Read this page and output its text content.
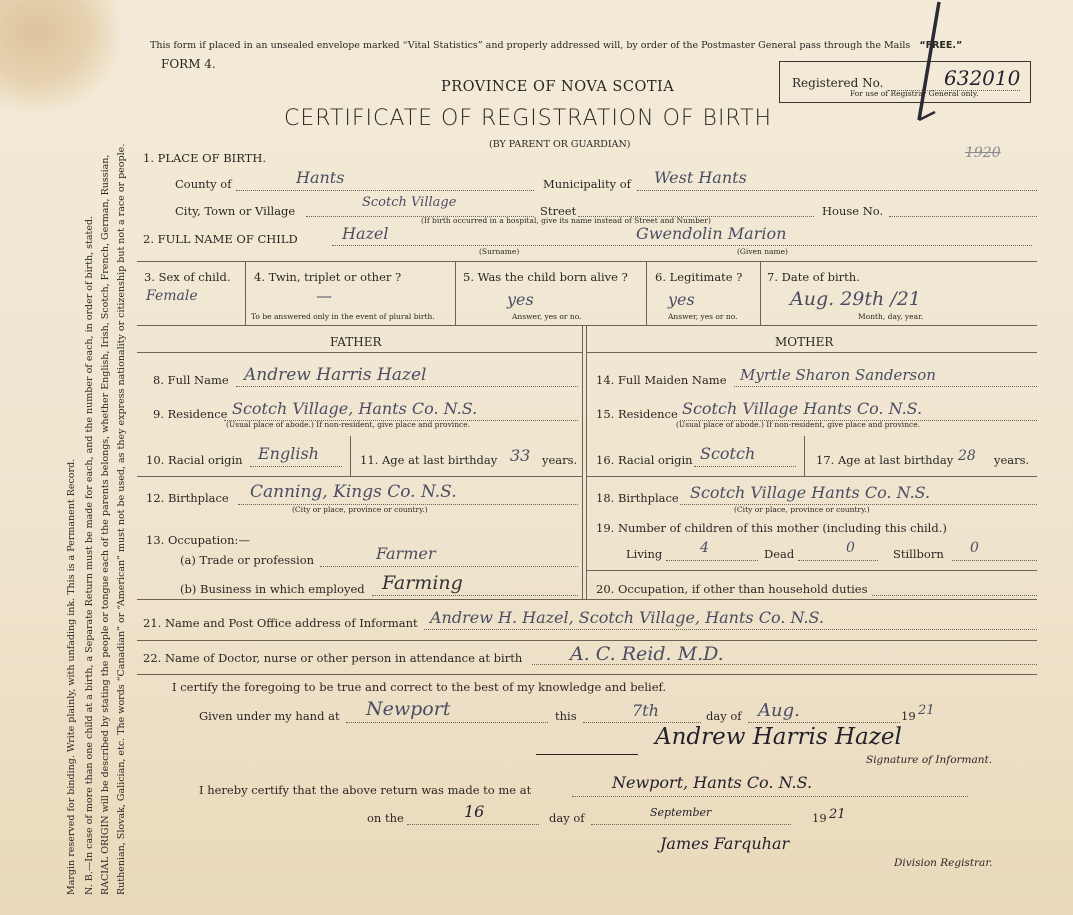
Margin reserved for binding. Write plainly, with unfading ink. This is a Permanent Record. N. B.—In case of more than one child at a birth, a Separate Return must be made for each, and the number of each, in order of birth, stated. RACIAL ORIGIN will be described by stating the people or tongue each of the parents belongs, whether English, Irish, Scotch, French, German, Russian, Ruthenian, Slovak, Galician, etc. The words “Canadian” or “American” must not be used, as they express nationality or citizenship but not a race or people.
This form if placed in an unsealed envelope marked “Vital Statistics” and properly addressed will, by order of the Postmaster General pass through the Mails “FREE.”
FORM 4.
PROVINCE OF NOVA SCOTIA
CERTIFICATE OF REGISTRATION OF BIRTH
(BY PARENT OR GUARDIAN)
Registered No.	632010
For use of Registrar General only.
1920
1. PLACE OF BIRTH.
County of	Hants	Municipality of West Hants
City, Town or Village
Scotch Village
Street	House No.
(If birth occurred in a hospital, give its name instead of Street and Number)
2. FULL NAME OF CHILD	Hazel	Gwendolin Marion
(Surname)	(Given name)
3. Sex of child.
Female
4. Twin, triplet or other ?
—
To be answered only in the event of plural birth.
5. Was the child born alive ?
yes
Answer, yes or no.
6. Legitimate ?
yes
Answer, yes or no.
7. Date of birth.
Aug. 29th /21
Month, day, year.
FATHER	MOTHER
8. Full Name Andrew Harris Hazel
9. Residence Scotch Village, Hants Co. N.S.
(Usual place of abode.) If non-resident, give place and province.
10. Racial origin English	11. Age at last birthday 33 years.
12. Birthplace Canning, Kings Co. N.S.
(City or place, province or country.)
13. Occupation:—
(a) Trade or profession	Farmer
(b) Business in which employed Farming
14. Full Maiden Name Myrtle Sharon Sanderson
15. Residence Scotch Village Hants Co. N.S.
(Usual place of abode.) If non-resident, give place and province.
16. Racial origin Scotch	17. Age at last birthday 28 years.
18. Birthplace Scotch Village Hants Co. N.S.
(City or place, province or country.)
19. Number of children of this mother (including this child.)
Living	4	Dead	0	Stillborn 0
20. Occupation, if other than household duties
21. Name and Post Office address of Informant Andrew H. Hazel, Scotch Village, Hants Co. N.S.
22. Name of Doctor, nurse or other person in attendance at birth	A. C. Reid. M.D.
I certify the foregoing to be true and correct to the best of my knowledge and belief.
Given under my hand at Newport	this	7th	day of Aug.	19 21
Andrew Harris Hazel
Signature of Informant.
I hereby certify that the above return was made to me at	Newport, Hants Co. N.S.
on the	16	day of	September	19 21
James Farquhar
Division Registrar.
